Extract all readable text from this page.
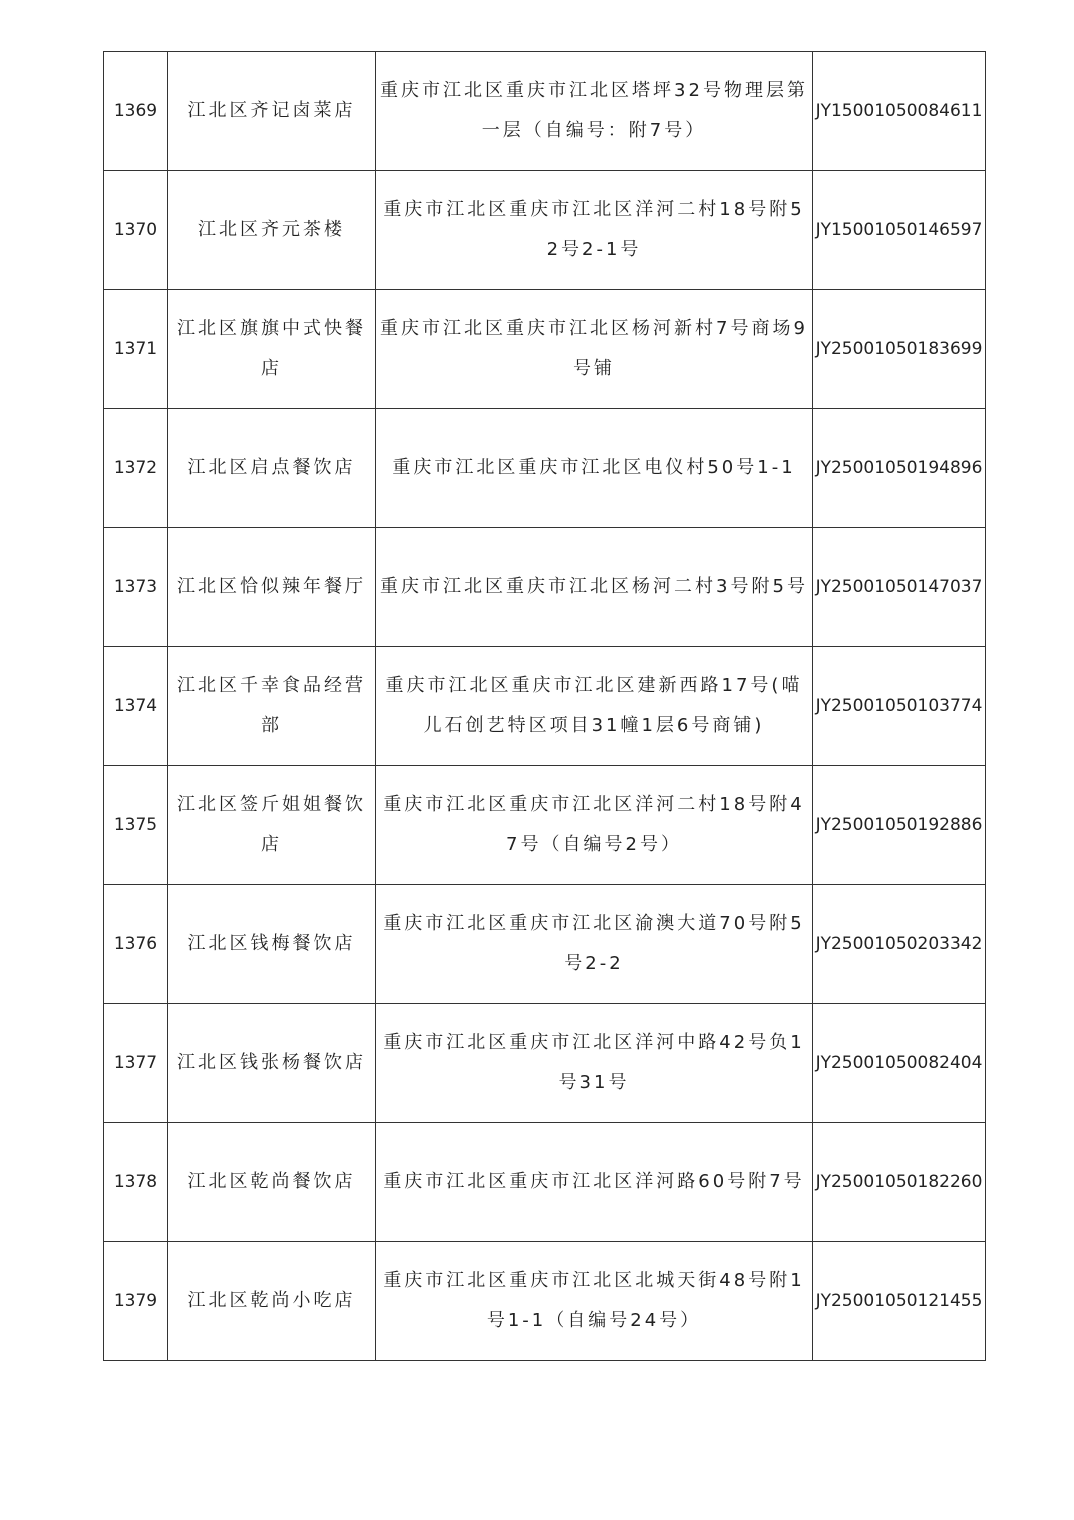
1369	江北区齐记卤菜店	重庆市江北区重庆市江北区塔坪32号物理层第一层（自编号：附7号）	JY15001050084611
1370	江北区齐元茶楼	重庆市江北区重庆市江北区洋河二村18号附52号2-1号	JY15001050146597
1371	江北区旗旗中式快餐店	重庆市江北区重庆市江北区杨河新村7号商场9号铺	JY25001050183699
1372	江北区启点餐饮店	重庆市江北区重庆市江北区电仪村50号1-1	JY25001050194896
1373	江北区恰似辣年餐厅	重庆市江北区重庆市江北区杨河二村3号附5号	JY25001050147037
1374	江北区千幸食品经营部	重庆市江北区重庆市江北区建新西路17号(喵儿石创艺特区项目31幢1层6号商铺)	JY25001050103774
1375	江北区签斤姐姐餐饮店	重庆市江北区重庆市江北区洋河二村18号附47号（自编号2号）	JY25001050192886
1376	江北区钱梅餐饮店	重庆市江北区重庆市江北区渝澳大道70号附5号2-2	JY25001050203342
1377	江北区钱张杨餐饮店	重庆市江北区重庆市江北区洋河中路42号负1号31号	JY25001050082404
1378	江北区乾尚餐饮店	重庆市江北区重庆市江北区洋河路60号附7号	JY25001050182260
1379	江北区乾尚小吃店	重庆市江北区重庆市江北区北城天街48号附1号1-1（自编号24号）	JY25001050121455
